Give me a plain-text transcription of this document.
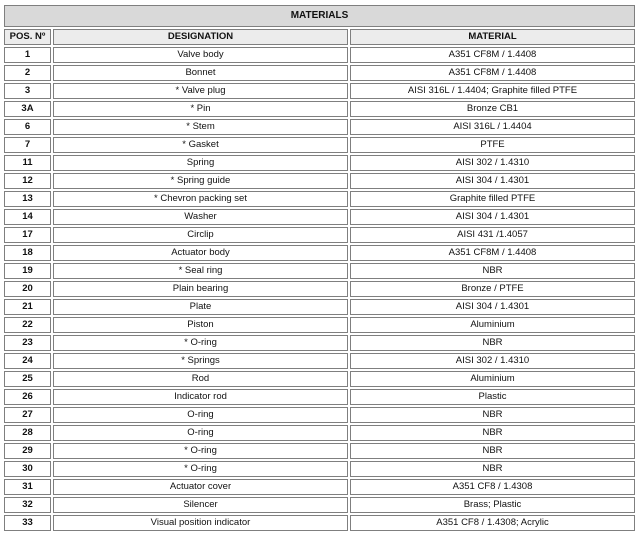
MATERIALS		
POS. Nº	DESIGNATION	MATERIAL
1	Valve body	A351 CF8M / 1.4408
2	Bonnet	A351 CF8M / 1.4408
3	* Valve plug	AISI 316L / 1.4404; Graphite filled PTFE
3A	* Pin	Bronze CB1
6	* Stem	AISI 316L / 1.4404
7	* Gasket	PTFE
11	Spring	AISI 302 / 1.4310
12	* Spring guide	AISI 304 / 1.4301
13	* Chevron packing set	Graphite filled PTFE
14	Washer	AISI 304 / 1.4301
17	Circlip	AISI 431 /1.4057
18	Actuator body	A351 CF8M / 1.4408
19	* Seal ring	NBR
20	Plain bearing	Bronze / PTFE
21	Plate	AISI 304 / 1.4301
22	Piston	Aluminium
23	* O-ring	NBR
24	* Springs	AISI 302 / 1.4310
25	Rod	Aluminium
26	Indicator rod	Plastic
27	O-ring	NBR
28	O-ring	NBR
29	* O-ring	NBR
30	* O-ring	NBR
31	Actuator cover	A351 CF8 / 1.4308
32	Silencer	Brass; Plastic
33	Visual position indicator	A351 CF8 / 1.4308; Acrylic
